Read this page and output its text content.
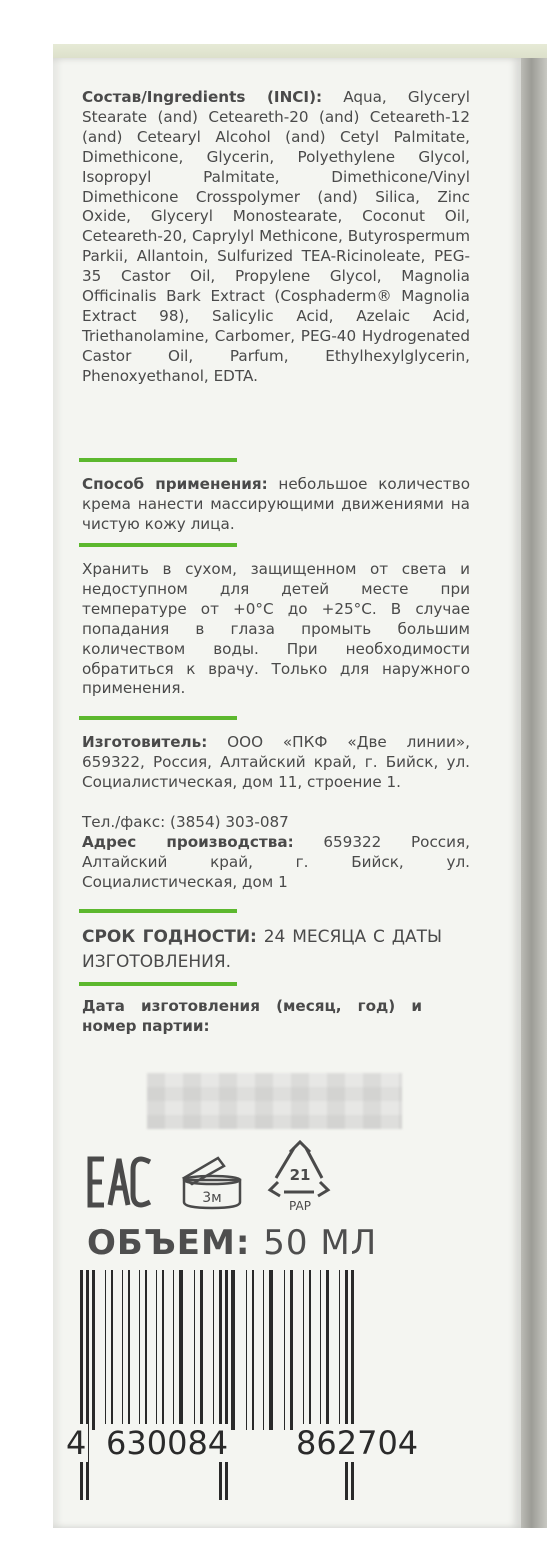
Состав/Ingredients (INCI): Aqua, Glyceryl Stearate (and) Ceteareth-20 (and) Ceteareth-12 (and) Cetearyl Alcohol (and) Cetyl Palmitate, Dimethicone, Glycerin, Polyethylene Glycol, Isopropyl Palmitate, Dimethicone/Vinyl Dimethicone Crosspolymer (and) Silica, Zinc Oxide, Glyceryl Monostearate, Coconut Oil, Ceteareth-20, Caprylyl Methicone, Butyrospermum Parkii, Allantoin, Sulfurized TEA-Ricinoleate, PEG-35 Castor Oil, Propylene Glycol, Magnolia Officinalis Bark Extract (Cosphaderm® Magnolia Extract 98), Salicylic Acid, Azelaic Acid, Triethanolamine, Carbomer, PEG-40 Hydrogenated Castor Oil, Parfum, Ethylhexylglycerin, Phenoxyethanol, EDTA.
Способ применения: небольшое количество крема нанести массирующими движениями на чистую кожу лица.
Хранить в сухом, защищенном от света и недоступном для детей месте при температуре от +0°С до +25°С. В случае попадания в глаза промыть большим количеством воды. При необходимости обратиться к врачу. Только для наружного применения.
Изготовитель: ООО «ПКФ «Две линии», 659322, Россия, Алтайский край, г. Бийск, ул. Социалистическая, дом 11, строение 1.
Тел./факс: (3854) 303-087
Адрес производства: 659322 Россия, Алтайский край, г. Бийск, ул. Социалистическая, дом 1
СРОК ГОДНОСТИ: 24 МЕСЯЦА С ДАТЫ ИЗГОТОВЛЕНИЯ.
Дата изготовления (месяц, год) и номер партии:
3м
21
PAP
ОБЪЕМ: 50 МЛ
4 630084 862704
